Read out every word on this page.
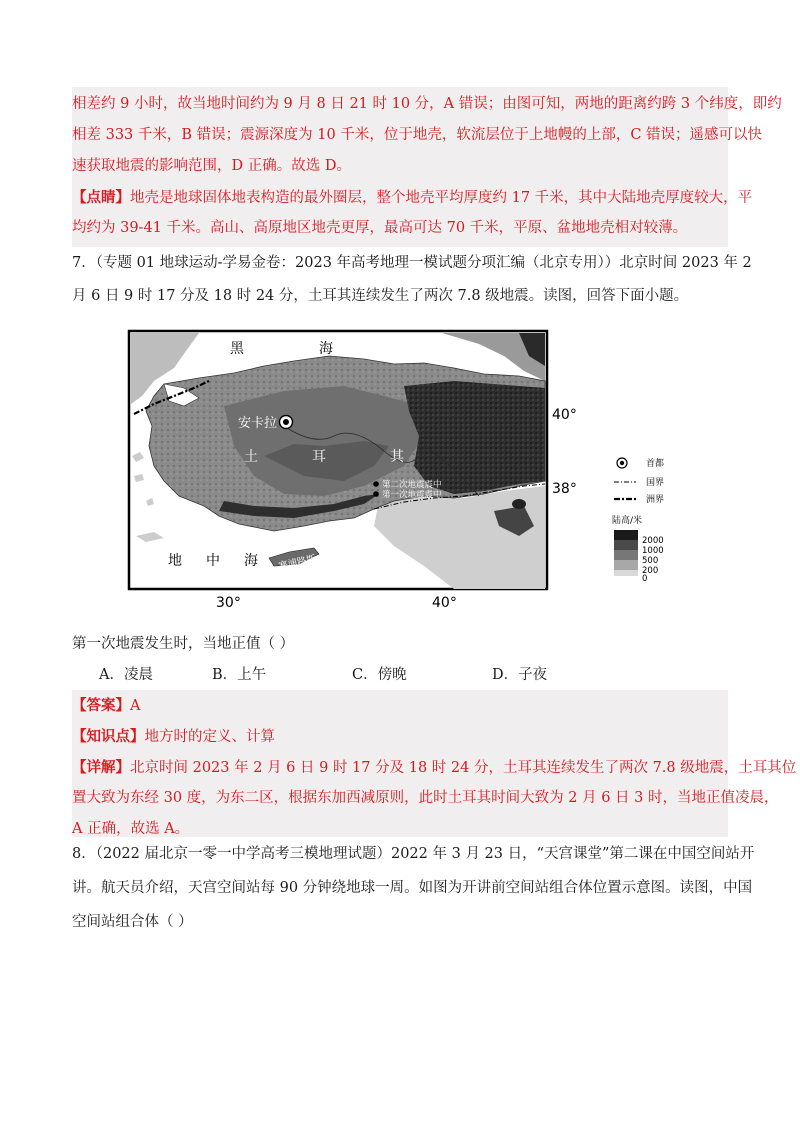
相差约 9 小时，故当地时间约为 9 月 8 日 21 时 10 分，A 错误；由图可知，两地的距离约跨 3 个纬度，即约
相差 333 千米，B 错误；震源深度为 10 千米，位于地壳，软流层位于上地幔的上部，C 错误；遥感可以快
速获取地震的影响范围，D 正确。故选 D。
【点睛】地壳是地球固体地表构造的最外圈层，整个地壳平均厚度约 17 千米，其中大陆地壳厚度较大，平
均约为 39-41 千米。高山、高原地区地壳更厚，最高可达 70 千米，平原、盆地地壳相对较薄。
7．（专题 01 地球运动-学易金卷：2023 年高考地理一模试题分项汇编（北京专用））北京时间 2023 年 2
月 6 日 9 时 17 分及 18 时 24 分，土耳其连续发生了两次 7.8 级地震。读图，回答下面小题。
黑	海
安卡拉
土	耳	其
第二次地震震中
第一次地震震中
地 中 海 塞浦路斯
40°
38°
30°	40°
首都
国界
洲界
陆高/米
2000
1000
500
200
0
第一次地震发生时，当地正值（ ）
A．凌晨	B．上午	C．傍晚	D．子夜
【答案】A
【知识点】地方时的定义、计算
【详解】北京时间 2023 年 2 月 6 日 9 时 17 分及 18 时 24 分，土耳其连续发生了两次 7.8 级地震，土耳其位
置大致为东经 30 度，为东二区，根据东加西减原则，此时土耳其时间大致为 2 月 6 日 3 时，当地正值凌晨，
A 正确，故选 A。
8．（2022 届北京一零一中学高考三模地理试题）2022 年 3 月 23 日，“天宫课堂”第二课在中国空间站开
讲。航天员介绍，天宫空间站每 90 分钟绕地球一周。如图为开讲前空间站组合体位置示意图。读图，中国
空间站组合体（ ）
